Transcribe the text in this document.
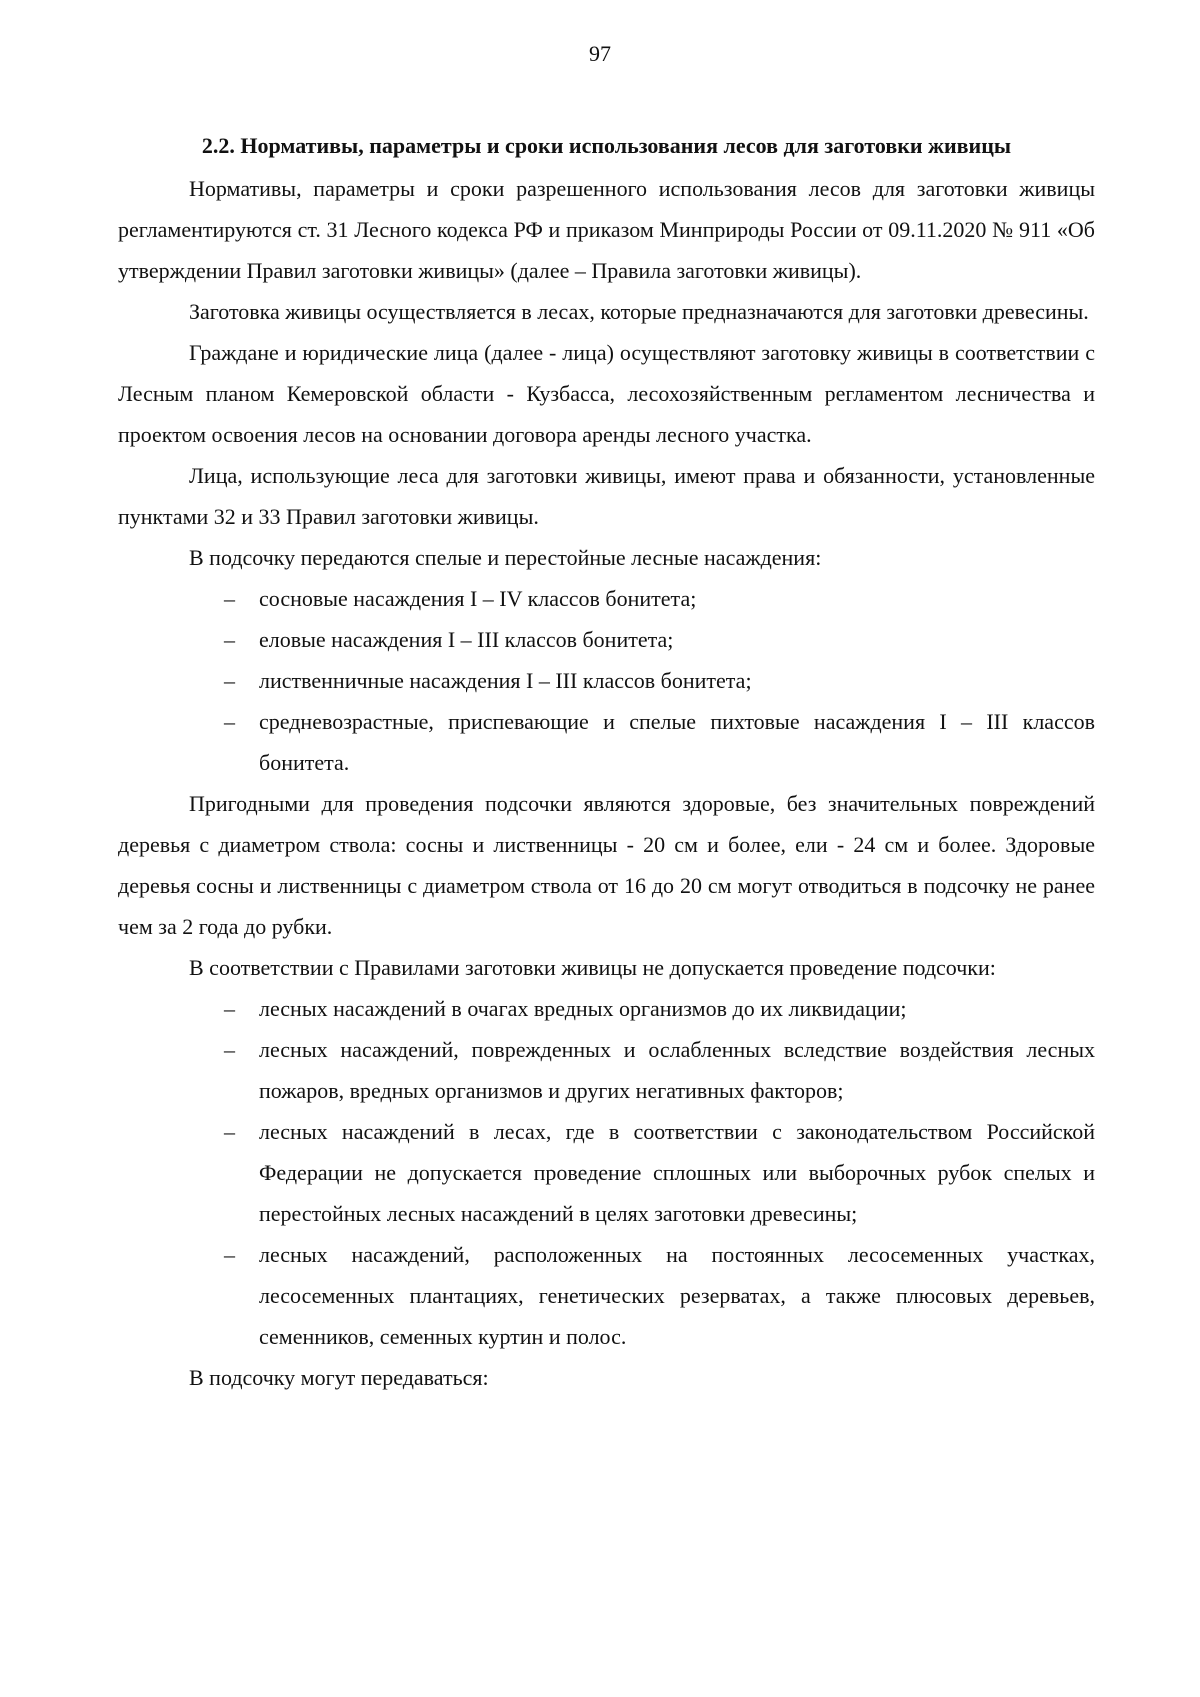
97
2.2. Нормативы, параметры и сроки использования лесов для заготовки живицы

Нормативы, параметры и сроки разрешенного использования лесов для заготовки живицы регламентируются ст. 31 Лесного кодекса РФ и приказом Минприроды России от 09.11.2020 № 911 «Об утверждении Правил заготовки живицы» (далее – Правила заготовки живицы).

Заготовка живицы осуществляется в лесах, которые предназначаются для заготовки древесины.

Граждане и юридические лица (далее - лица) осуществляют заготовку живицы в соответствии с Лесным планом Кемеровской области - Кузбасса, лесохозяйственным регламентом лесничества и проектом освоения лесов на основании договора аренды лесного участка.

Лица, использующие леса для заготовки живицы, имеют права и обязанности, установленные пунктами 32 и 33 Правил заготовки живицы.

В подсочку передаются спелые и перестойные лесные насаждения:

– сосновые насаждения I – IV классов бонитета;
– еловые насаждения I – III классов бонитета;
– лиственничные насаждения I – III классов бонитета;
– средневозрастные, приспевающие и спелые пихтовые насаждения I – III классов бонитета.

Пригодными для проведения подсочки являются здоровые, без значительных повреждений деревья с диаметром ствола: сосны и лиственницы - 20 см и более, ели - 24 см и более. Здоровые деревья сосны и лиственницы с диаметром ствола от 16 до 20 см могут отводиться в подсочку не ранее чем за 2 года до рубки.

В соответствии с Правилами заготовки живицы не допускается проведение подсочки:

– лесных насаждений в очагах вредных организмов до их ликвидации;
– лесных насаждений, поврежденных и ослабленных вследствие воздействия лесных пожаров, вредных организмов и других негативных факторов;
– лесных насаждений в лесах, где в соответствии с законодательством Российской Федерации не допускается проведение сплошных или выборочных рубок спелых и перестойных лесных насаждений в целях заготовки древесины;
– лесных насаждений, расположенных на постоянных лесосеменных участках, лесосеменных плантациях, генетических резерватах, а также плюсовых деревьев, семенников, семенных куртин и полос.

В подсочку могут передаваться:
